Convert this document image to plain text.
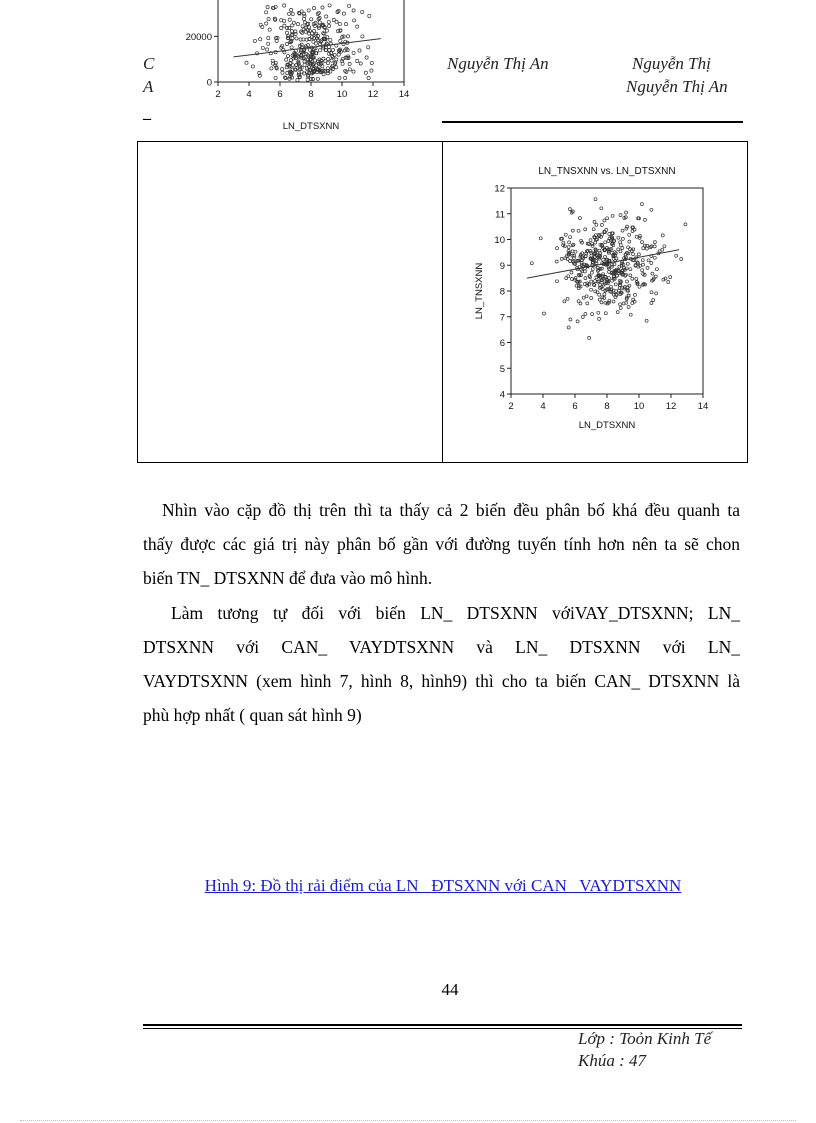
C
A
Nguyễn Thị An	Nguyễn Thị
Nguyễn Thị An
–
2	4	6	8 10 12 14
0
20000
LN_DTSXNN
LN_TNSXNN vs. LN_DTSXNN
2	4	6	8	10 12 14
4
5
6
7
8
9
10
11
12
LN_DTSXNN
LN_TNSXNN
Nhìn vào cặp đồ thị trên thì ta thấy cả 2 biến đều phân bố khá đều quanh ta
thấy được các giá trị này phân bố gần với đường tuyến tính hơn nên ta sẽ chon
biến TN_ DTSXNN để đưa vào mô hình.
Làm tương tự đối với biến LN_ DTSXNN vớiVAY_DTSXNN; LN_
DTSXNN với CAN_ VAYDTSXNN và LN_ DTSXNN với LN_
VAYDTSXNN (xem hình 7, hình 8, hình9) thì cho ta biến CAN_ DTSXNN là
phù hợp nhất ( quan sát hình 9)
Hình 9: Đồ thị rải điểm của LN_ ĐTSXNN với CAN_ VAYDTSXNN
44
Lớp : Toỏn Kinh Tế
Khúa : 47
